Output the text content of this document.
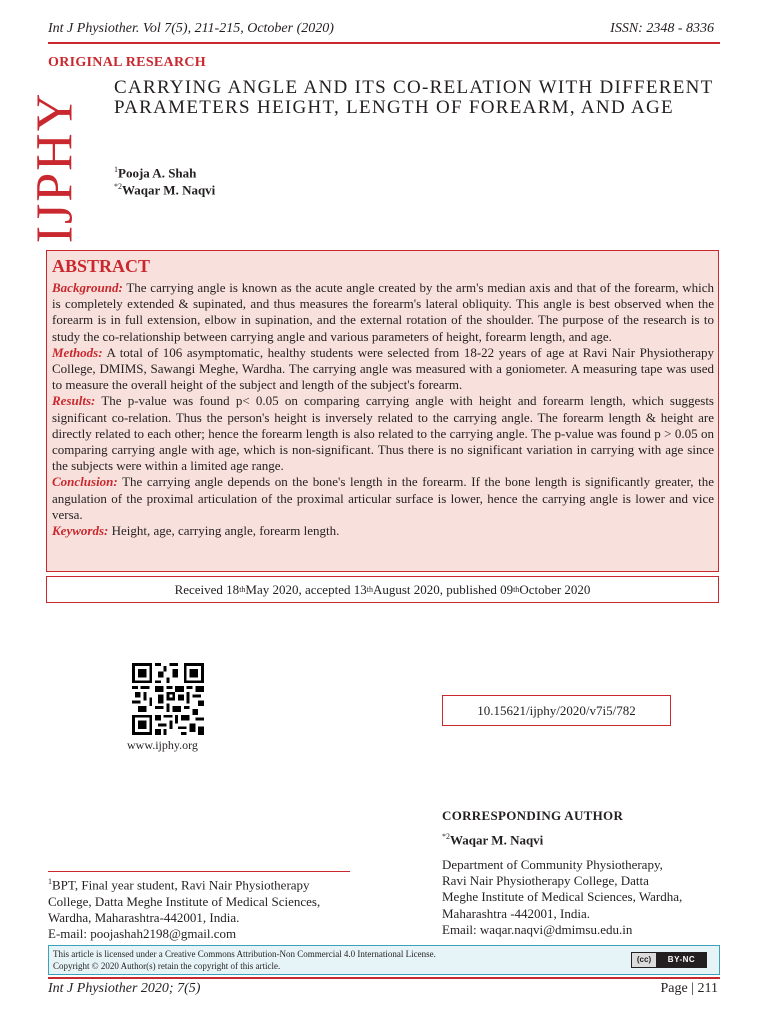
Int J Physiother. Vol 7(5), 211-215, October (2020)	ISSN: 2348 - 8336
ORIGINAL RESEARCH
IJPHY
CARRYING ANGLE AND ITS CO-RELATION WITH DIFFERENT
PARAMETERS HEIGHT, LENGTH OF FOREARM, AND AGE
$^1$Pooja A. Shah
$^{*2}$Waqar M. Naqvi
ABSTRACT

Background: The carrying angle is known as the acute angle created by the arm's median axis and that of the forearm, which is completely extended & supinated, and thus measures the forearm's lateral obliquity. This angle is best observed when the forearm is in full extension, elbow in supination, and the external rotation of the shoulder. The purpose of the research is to study the co-relationship between carrying angle and various parameters of height, forearm length, and age.

Methods: A total of 106 asymptomatic, healthy students were selected from 18-22 years of age at Ravi Nair Physiotherapy College, DMIMS, Sawangi Meghe, Wardha. The carrying angle was measured with a goniometer. A measuring tape was used to measure the overall height of the subject and length of the subject's forearm.

Results: The p-value was found p< 0.05 on comparing carrying angle with height and forearm length, which suggests significant co-relation. Thus the person's height is inversely related to the carrying angle. The forearm length & height are directly related to each other; hence the forearm length is also related to the carrying angle. The p-value was found p > 0.05 on comparing carrying angle with age, which is non-significant. Thus there is no significant variation in carrying with age since the subjects were within a limited age range.

Conclusion: The carrying angle depends on the bone's length in the forearm. If the bone length is significantly greater, the angulation of the proximal articulation of the proximal articular surface is lower, hence the carrying angle is lower and vice versa.

Keywords: Height, age, carrying angle, forearm length.

Received 18 th May 2020, accepted 13 th August 2020, published 09 th October 2020
www.ijphy.org
10.15621/ijphy/2020/v7i5/782
CORRESPONDING AUTHOR
$^{*2}$Waqar M. Naqvi
Department of Community Physiotherapy,
Ravi Nair Physiotherapy College, Datta
Meghe Institute of Medical Sciences, Wardha,
Maharashtra -442001, India.
Email: waqar.naqvi@dmimsu.edu.in
$^1$BPT, Final year student, Ravi Nair Physiotherapy
College, Datta Meghe Institute of Medical Sciences,
Wardha, Maharashtra-442001, India.
E-mail: poojashah2198@gmail.com
This article is licensed under a Creative Commons Attribution-Non Commercial 4.0 International License.
Copyright © 2020 Author(s) retain the copyright of this article.
(cc)	BY-NC
Int J Physiother 2020; 7(5)	Page | 211
